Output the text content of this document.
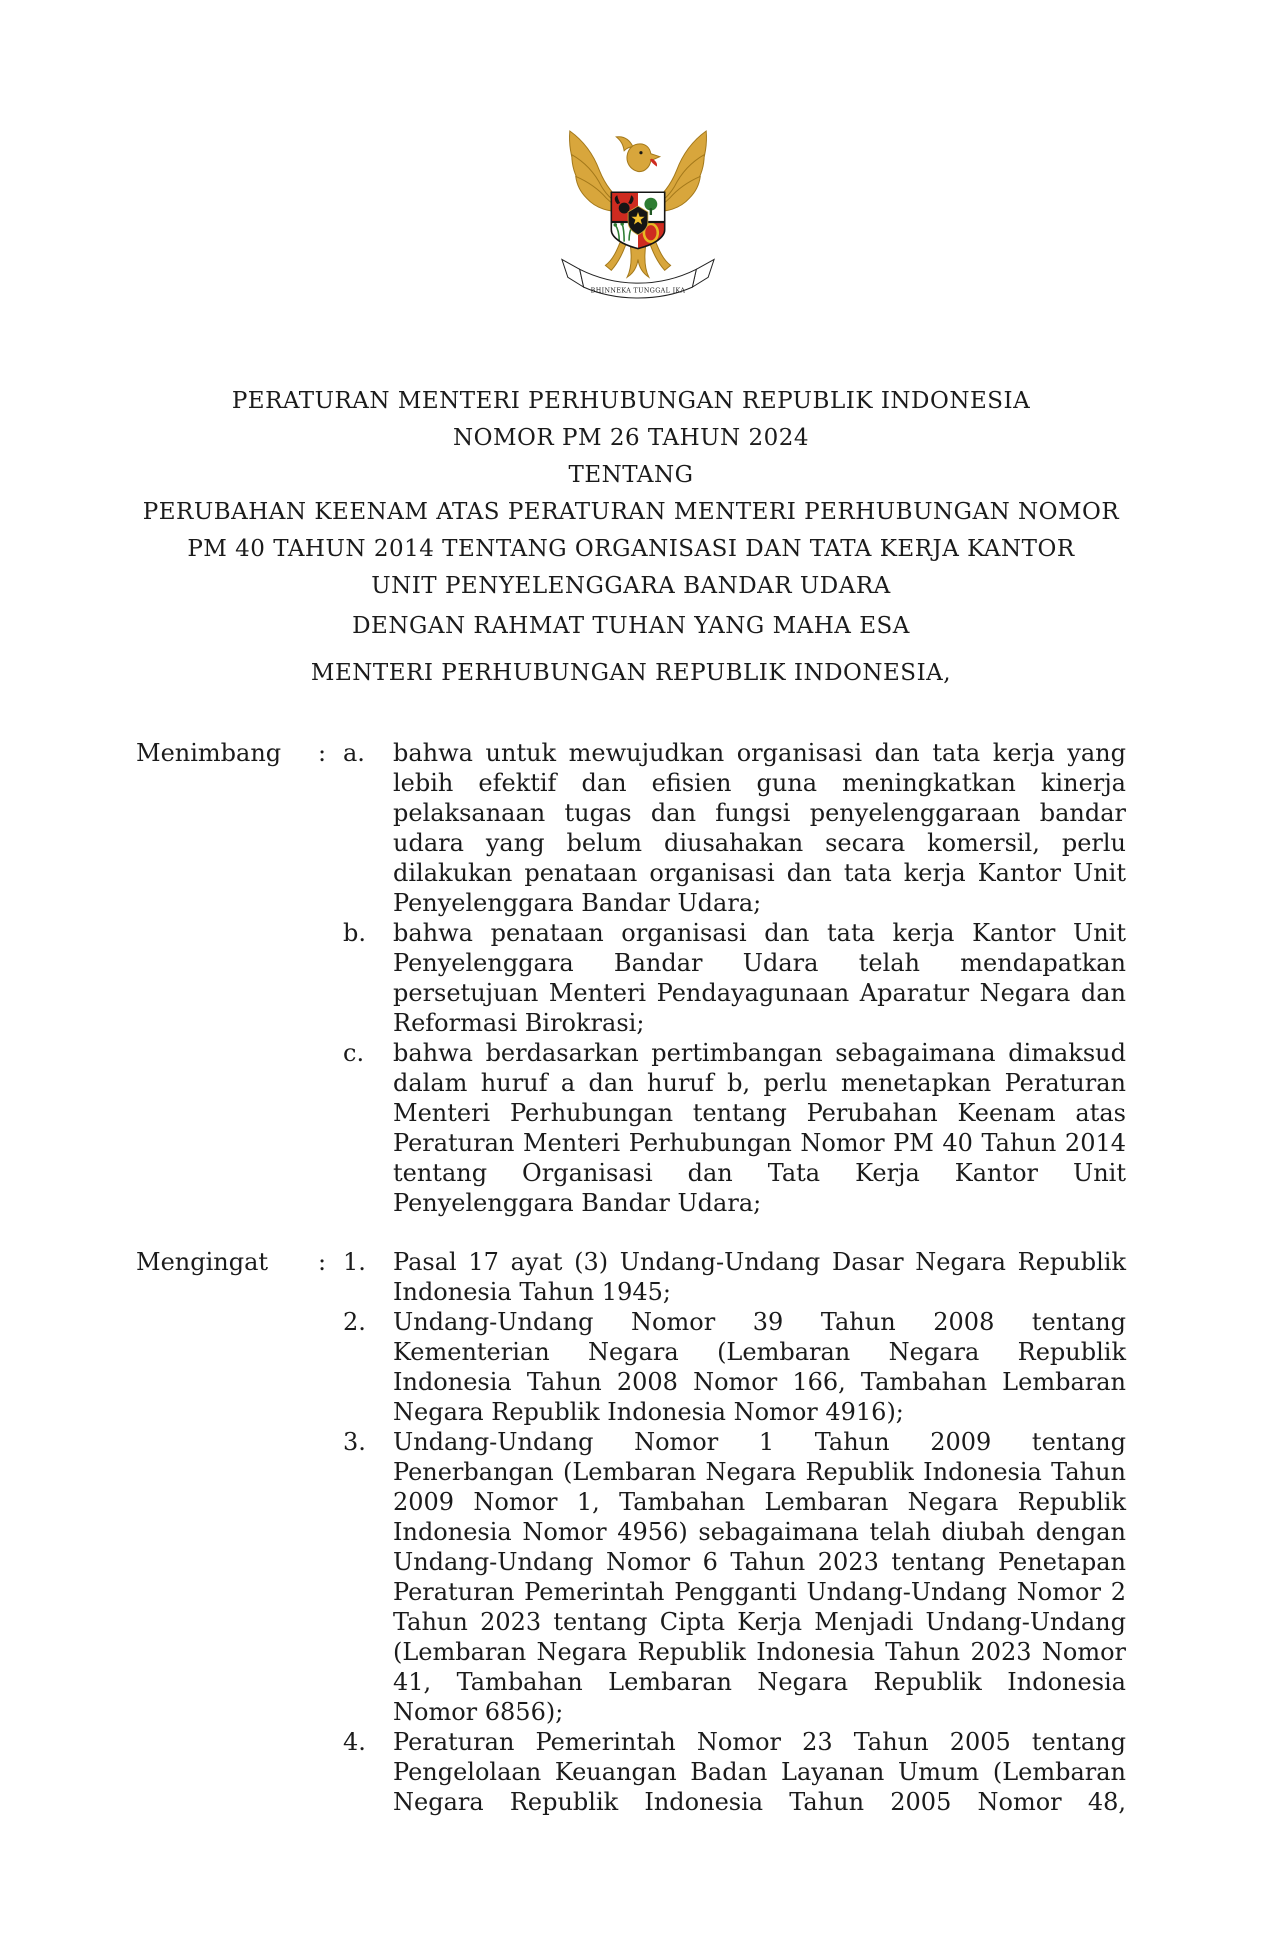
BHINNEKA TUNGGAL IKA
PERATURAN MENTERI PERHUBUNGAN REPUBLIK INDONESIA
NOMOR PM 26 TAHUN 2024
TENTANG
PERUBAHAN KEENAM ATAS PERATURAN MENTERI PERHUBUNGAN NOMOR
PM 40 TAHUN 2014 TENTANG ORGANISASI DAN TATA KERJA KANTOR
UNIT PENYELENGGARA BANDAR UDARA
DENGAN RAHMAT TUHAN YANG MAHA ESA
MENTERI PERHUBUNGAN REPUBLIK INDONESIA,
Menimbang	: a.	bahwa untuk mewujudkan organisasi dan tata kerja yang lebih efektif dan efisien guna meningkatkan kinerja pelaksanaan tugas dan fungsi penyelenggaraan bandar udara yang belum diusahakan secara komersil, perlu dilakukan penataan organisasi dan tata kerja Kantor Unit Penyelenggara Bandar Udara;
b.	bahwa penataan organisasi dan tata kerja Kantor Unit Penyelenggara Bandar Udara telah mendapatkan persetujuan Menteri Pendayagunaan Aparatur Negara dan Reformasi Birokrasi;
c.	bahwa berdasarkan pertimbangan sebagaimana dimaksud dalam huruf a dan huruf b, perlu menetapkan Peraturan Menteri Perhubungan tentang Perubahan Keenam atas Peraturan Menteri Perhubungan Nomor PM 40 Tahun 2014 tentang Organisasi dan Tata Kerja Kantor Unit Penyelenggara Bandar Udara;
Mengingat	: 1.	Pasal 17 ayat (3) Undang-Undang Dasar Negara Republik Indonesia Tahun 1945;
2.	Undang-Undang Nomor 39 Tahun 2008 tentang Kementerian Negara (Lembaran Negara Republik Indonesia Tahun 2008 Nomor 166, Tambahan Lembaran Negara Republik Indonesia Nomor 4916);
3.	Undang-Undang Nomor 1 Tahun 2009 tentang Penerbangan (Lembaran Negara Republik Indonesia Tahun 2009 Nomor 1, Tambahan Lembaran Negara Republik Indonesia Nomor 4956) sebagaimana telah diubah dengan Undang-Undang Nomor 6 Tahun 2023 tentang Penetapan Peraturan Pemerintah Pengganti Undang-Undang Nomor 2 Tahun 2023 tentang Cipta Kerja Menjadi Undang-Undang (Lembaran Negara Republik Indonesia Tahun 2023 Nomor 41, Tambahan Lembaran Negara Republik Indonesia Nomor 6856);
4.	Peraturan Pemerintah Nomor 23 Tahun 2005 tentang Pengelolaan Keuangan Badan Layanan Umum (Lembaran Negara Republik Indonesia Tahun 2005 Nomor 48,
